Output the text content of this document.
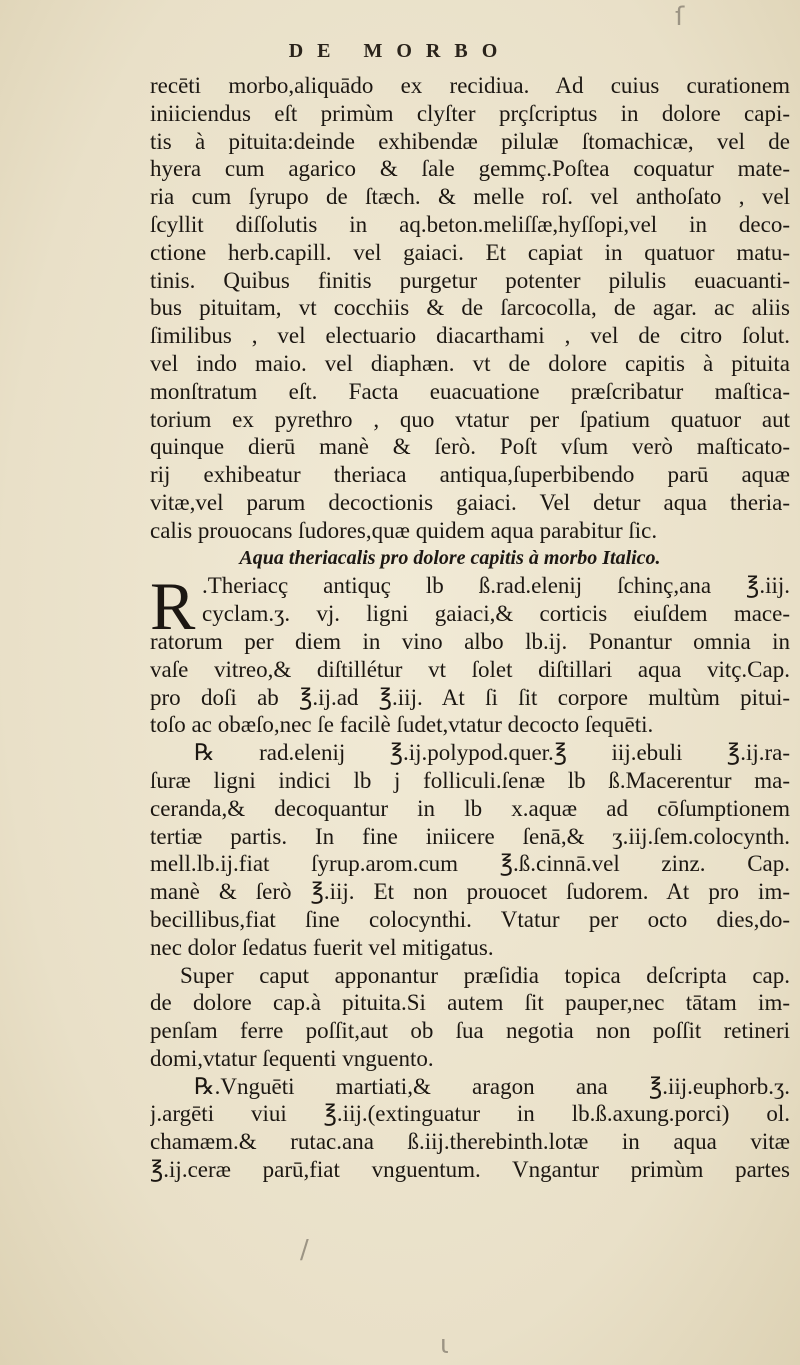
DE MORBO
recēti morbo,aliquādo ex recidiua. Ad cuius curationem
iniiciendus eſt primùm clyſter prçſcriptus in dolore capi-
tis à pituita:deinde exhibendæ pilulæ ſtomachicæ, vel de
hyera cum agarico & ſale gemmç.Poſtea coquatur mate-
ria cum ſyrupo de ſtæch. & melle roſ. vel anthoſato , vel
ſcyllit diſſolutis in aq.beton.meliſſæ,hyſſopi,vel in deco-
ctione herb.capill. vel gaiaci. Et capiat in quatuor matu-
tinis. Quibus finitis purgetur potenter pilulis euacuanti-
bus pituitam, vt cocchiis & de ſarcocolla, de agar. ac aliis
ſimilibus , vel electuario diacarthami , vel de citro ſolut.
vel indo maio. vel diaphæn. vt de dolore capitis à pituita
monſtratum eſt. Facta euacuatione præſcribatur maſtica-
torium ex pyrethro , quo vtatur per ſpatium quatuor aut
quinque dierū manè & ſerò. Poſt vſum verò maſticato-
rij exhibeatur theriaca antiqua,ſuperbibendo parū aquæ
vitæ,vel parum decoctionis gaiaci. Vel detur aqua theria-
calis prouocans ſudores,quæ quidem aqua parabitur ſic.
Aqua theriacalis pro dolore capitis à morbo Italico.
R .Theriacç antiquç lb ß.rad.elenij ſchinç,ana ℥.iij.
cyclam.ʒ. vj. ligni gaiaci,& corticis eiuſdem mace-
ratorum per diem in vino albo lb.ij. Ponantur omnia in
vaſe vitreo,& diſtillétur vt ſolet diſtillari aqua vitç.Cap.
pro doſi ab ℥.ij.ad ℥.iij. At ſi ſit corpore multùm pitui-
toſo ac obæſo,nec ſe facilè ſudet,vtatur decocto ſequēti.
℞ rad.elenij ℥.ij.polypod.quer.℥ iij.ebuli ℥.ij.ra-
ſuræ ligni indici lb j folliculi.ſenæ lb ß.Macerentur ma-
ceranda,& decoquantur in lb x.aquæ ad cōſumptionem
tertiæ partis. In fine iniicere ſenā,& ʒ.iij.ſem.colocynth.
mell.lb.ij.fiat ſyrup.arom.cum ℥.ß.cinnā.vel zinz. Cap.
manè & ſerò ℥.iij. Et non prouocet ſudorem. At pro im-
becillibus,fiat ſine colocynthi. Vtatur per octo dies,do-
nec dolor ſedatus fuerit vel mitigatus.
Super caput apponantur præſidia topica deſcripta cap.
de dolore cap.à pituita.Si autem ſit pauper,nec tātam im-
penſam ferre poſſit,aut ob ſua negotia non poſſit retineri
domi,vtatur ſequenti vnguento.
℞.Vnguēti martiati,& aragon ana ℥.iij.euphorb.ʒ.
j.argēti viui ℥.iij.(extinguatur in lb.ß.axung.porci) ol.
chamæm.& rutac.ana ß.iij.therebinth.lotæ in aqua vitæ
℥.ij.ceræ parū,fiat vnguentum. Vngantur primùm partes
ſ
/
ι
